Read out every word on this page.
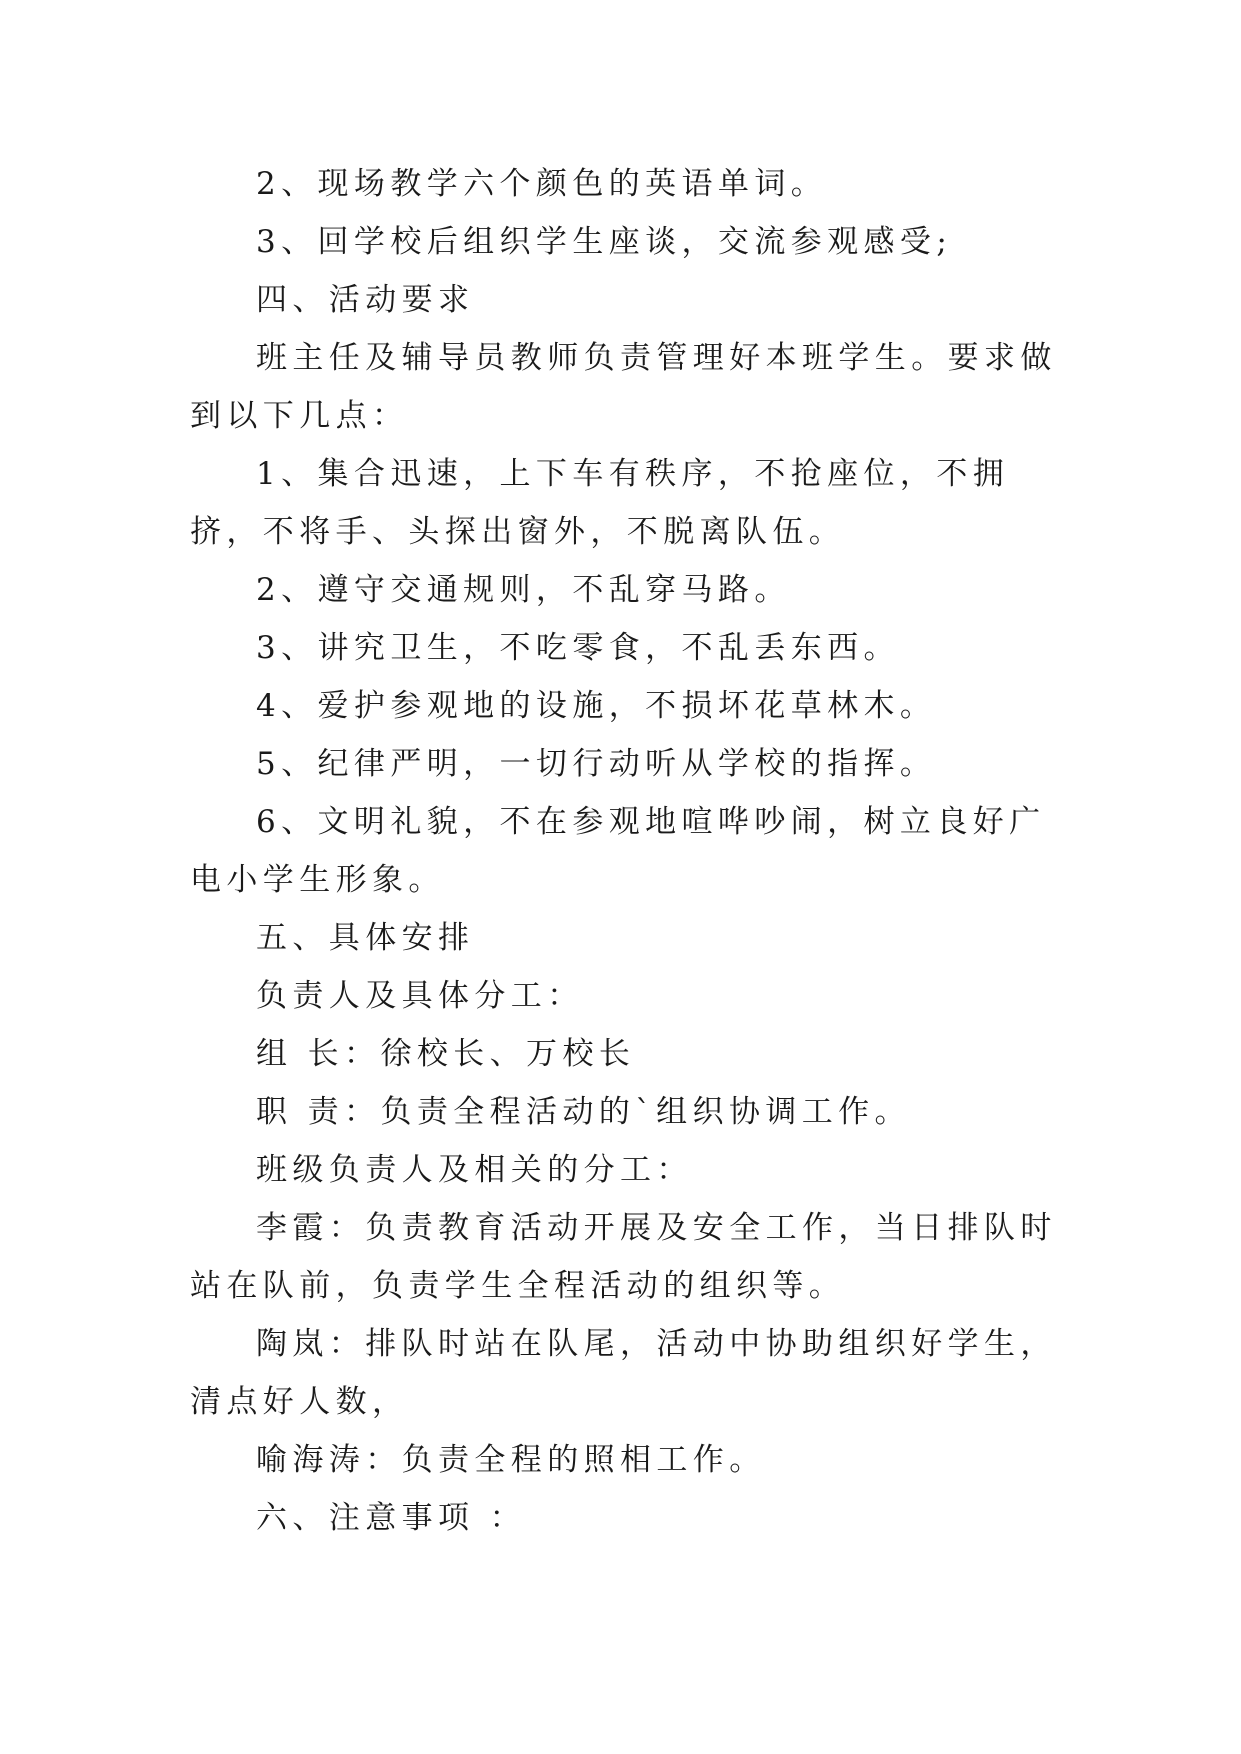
2、现场教学六个颜色的英语单词。

3、回学校后组织学生座谈，交流参观感受;

四、活动要求

班主任及辅导员教师负责管理好本班学生。要求做到以下几点：

1、集合迅速，上下车有秩序，不抢座位，不拥挤，不将手、头探出窗外，不脱离队伍。

2、遵守交通规则，不乱穿马路。

3、讲究卫生，不吃零食，不乱丢东西。

4、爱护参观地的设施，不损坏花草林木。

5、纪律严明，一切行动听从学校的指挥。

6、文明礼貌，不在参观地喧哗吵闹，树立良好广电小学生形象。

五、具体安排

负责人及具体分工：

组 长：徐校长、万校长

职 责：负责全程活动的`组织协调工作。

班级负责人及相关的分工：

李霞：负责教育活动开展及安全工作，当日排队时站在队前，负责学生全程活动的组织等。

陶岚：排队时站在队尾，活动中协助组织好学生，清点好人数，

喻海涛：负责全程的照相工作。

六、注意事项 ：
